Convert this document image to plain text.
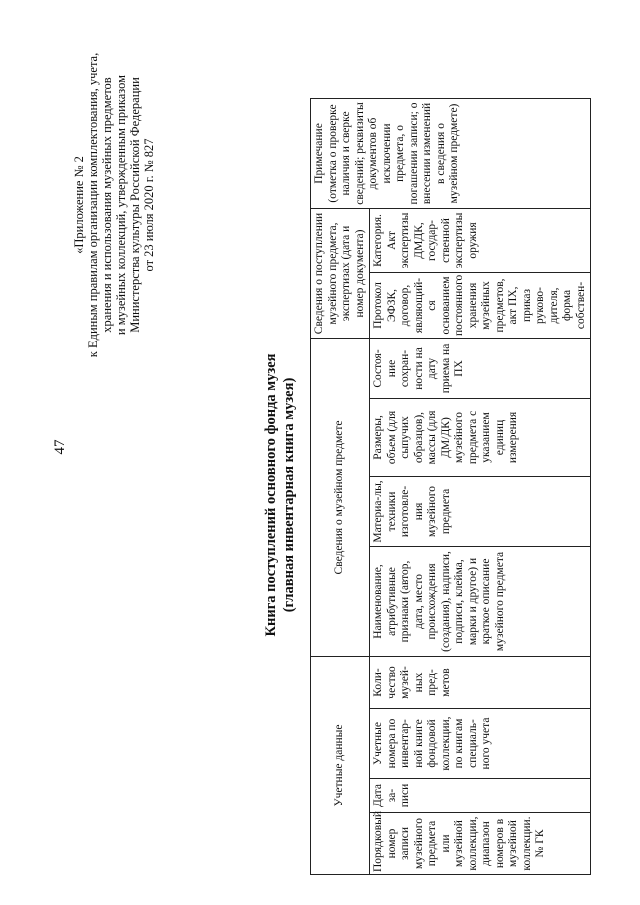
47
«Приложение № 2 к Единым правилам организации комплектования, учета, хранения и использования музейных предметов и музейных коллекций, утвержденным приказом Министерства культуры Российской Федерации от 23 июля 2020 г. № 827
Книга поступлений основного фонда музея (главная инвентарная книга музея)
Учетные данные				Сведения о музейном предмете				Сведения о поступлении музейного предмета, экспертизах (дата и номер документа)		Примечание (отметка о проверке наличия и сверке сведений; реквизиты документов об исключении предмета, о погашении записи; о внесении изменений в сведения о музейном предмете)
Порядковый номер записи музейного предмета или музейной коллекции, диапазон номеров в музейной коллекции. № ГК	Дата за-писи	Учетные номера по инвентар-ной книге фондовой коллекции, по книгам специаль-ного учета	Коли-чество музей-ных пред-метов	Наименование, атрибутивные признаки (автор, дата, место происхождения (создания), надписи, подписи, клейма, марки и другое) и краткое описание музейного предмета	Материа-лы, техники изготовле-ния музейного предмета	Размеры, объем (для сыпучих образцов), массы (для ДМ/ДК) музейного предмета с указанием единиц измерения	Состоя-ние сохран-ности на дату приема на ПХ	Протокол ЭФЗК, договор, являющий-ся основанием постоянного хранения музейных предметов, акт ПХ, приказ руково-дителя, форма собствен-	Категория. Акт экспертизы ДМДК, государ-ственной экспертизы оружия	
